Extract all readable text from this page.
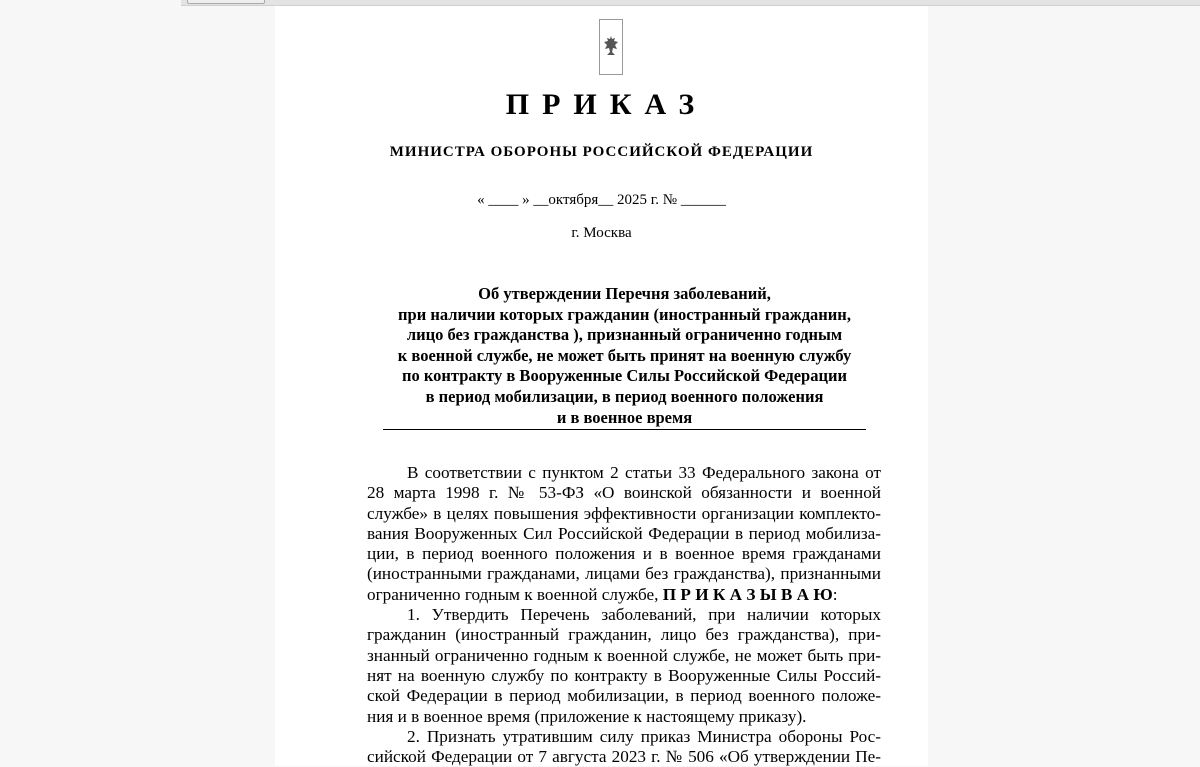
ПРИКАЗ
МИНИСТРА ОБОРОНЫ РОССИЙСКОЙ ФЕДЕРАЦИИ
« ____ » __октября__ 2025 г. № ______
г. Москва
Об утверждении Перечня заболеваний,
при наличии которых гражданин (иностранный гражданин,
лицо без гражданства ), признанный ограниченно годным
к военной службе, не может быть принят на военную службу
по контракту в Вооруженные Силы Российской Федерации
в период мобилизации, в период военного положения
и в военное время
В соответствии с пунктом 2 статьи 33 Федерального закона от
28 марта 1998 г. № 53-ФЗ «О воинской обязанности и военной
службе» в целях повышения эффективности организации комплекто-
вания Вооруженных Сил Российской Федерации в период мобилиза-
ции, в период военного положения и в военное время гражданами
(иностранными гражданами, лицами без гражданства), признанными
ограниченно годным к военной службе, П Р И К А З Ы В А Ю:
1. Утвердить Перечень заболеваний, при наличии которых
гражданин (иностранный гражданин, лицо без гражданства), при-
знанный ограниченно годным к военной службе, не может быть при-
нят на военную службу по контракту в Вооруженные Силы Россий-
ской Федерации в период мобилизации, в период военного положе-
ния и в военное время (приложение к настоящему приказу).
2. Признать утратившим силу приказ Министра обороны Рос-
сийской Федерации от 7 августа 2023 г. № 506 «Об утверждении Пе-
